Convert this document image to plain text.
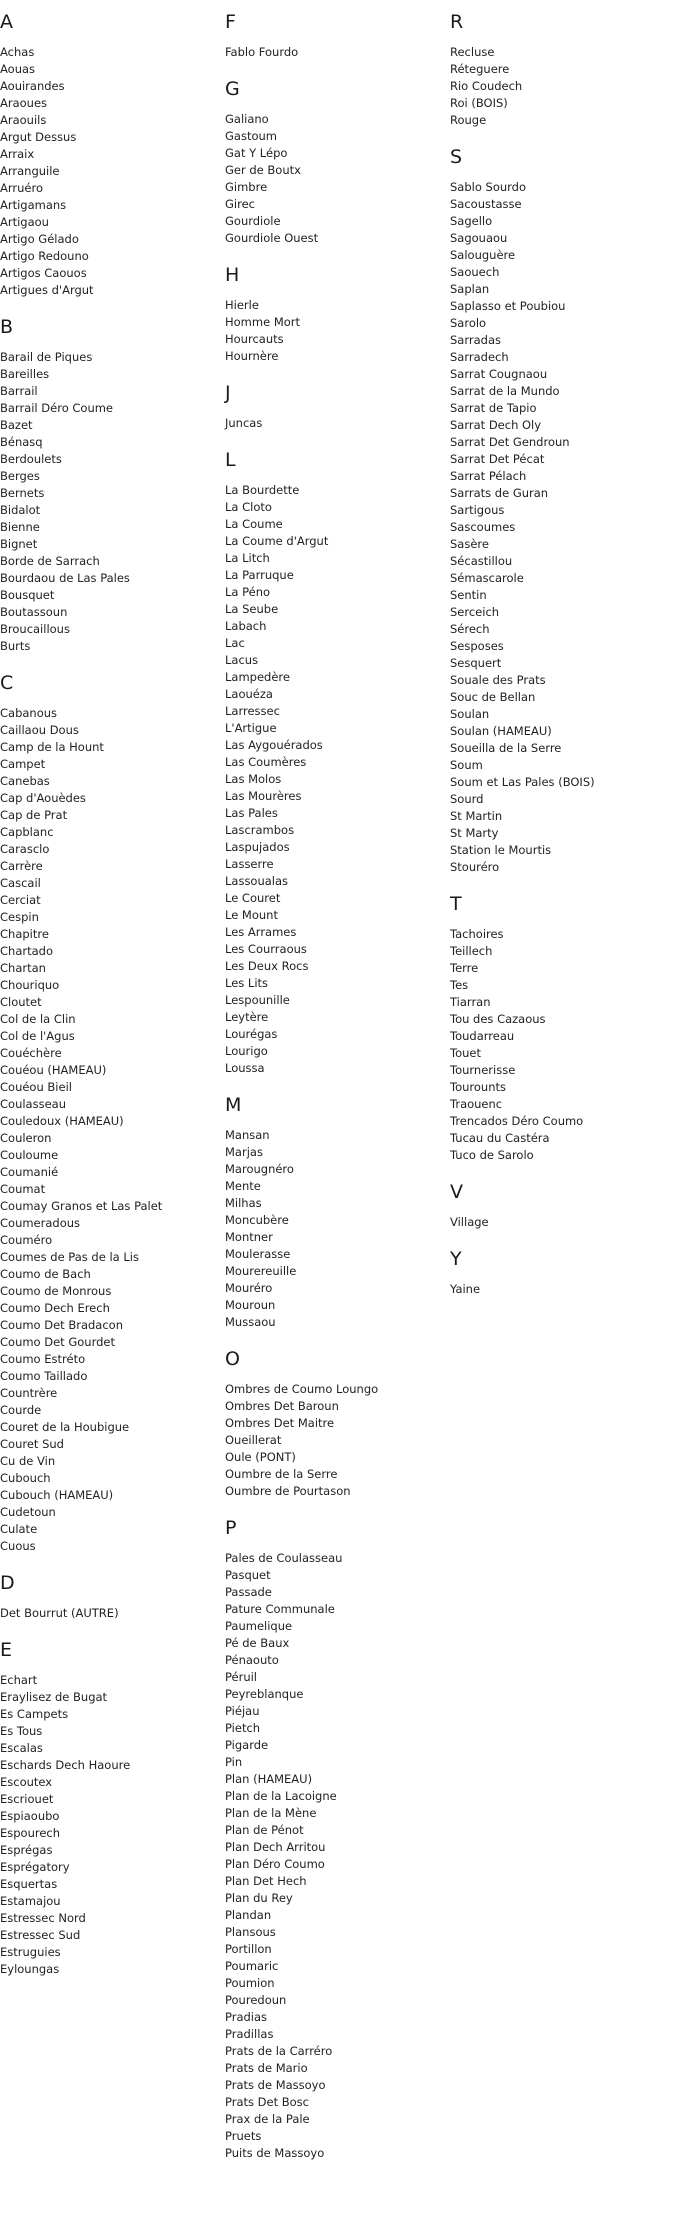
A
Achas
Aouas
Aouirandes
Araoues
Araouils
Argut Dessus
Arraix
Arranguile
Arruéro
Artigamans
Artigaou
Artigo Gélado
Artigo Redouno
Artigos Caouos
Artigues d'Argut
B
Barail de Piques
Bareilles
Barrail
Barrail Déro Coume
Bazet
Bénasq
Berdoulets
Berges
Bernets
Bidalot
Bienne
Bignet
Borde de Sarrach
Bourdaou de Las Pales
Bousquet
Boutassoun
Broucaillous
Burts
C
Cabanous
Caillaou Dous
Camp de la Hount
Campet
Canebas
Cap d'Aouèdes
Cap de Prat
Capblanc
Carasclo
Carrère
Cascail
Cerciat
Cespin
Chapitre
Chartado
Chartan
Chouriquo
Cloutet
Col de la Clin
Col de l'Agus
Couéchère
Couéou (HAMEAU)
Couéou Bieil
Coulasseau
Couledoux (HAMEAU)
Couleron
Couloume
Coumanié
Coumat
Coumay Granos et Las Palet
Coumeradous
Couméro
Coumes de Pas de la Lis
Coumo de Bach
Coumo de Monrous
Coumo Dech Erech
Coumo Det Bradacon
Coumo Det Gourdet
Coumo Estréto
Coumo Taillado
Countrère
Courde
Couret de la Houbigue
Couret Sud
Cu de Vin
Cubouch
Cubouch (HAMEAU)
Cudetoun
Culate
Cuous
D
Det Bourrut (AUTRE)
E
Echart
Eraylisez de Bugat
Es Campets
Es Tous
Escalas
Eschards Dech Haoure
Escoutex
Escriouet
Espiaoubo
Espourech
Esprégas
Esprégatory
Esquertas
Estamajou
Estressec Nord
Estressec Sud
Estruguies
Eyloungas
F
Fablo Fourdo
G
Galiano
Gastoum
Gat Y Lépo
Ger de Boutx
Gimbre
Girec
Gourdiole
Gourdiole Ouest
H
Hierle
Homme Mort
Hourcauts
Hournère
J
Juncas
L
La Bourdette
La Cloto
La Coume
La Coume d'Argut
La Litch
La Parruque
La Péno
La Seube
Labach
Lac
Lacus
Lampedère
Laouéza
Larressec
L'Artigue
Las Aygouérados
Las Coumères
Las Molos
Las Mourères
Las Pales
Lascrambos
Laspujados
Lasserre
Lassoualas
Le Couret
Le Mount
Les Arrames
Les Courraous
Les Deux Rocs
Les Lits
Lespounille
Leytère
Lourégas
Lourigo
Loussa
M
Mansan
Marjas
Marougnéro
Mente
Milhas
Moncubère
Montner
Moulerasse
Mourereuille
Mouréro
Mouroun
Mussaou
O
Ombres de Coumo Loungo
Ombres Det Baroun
Ombres Det Maitre
Oueillerat
Oule (PONT)
Oumbre de la Serre
Oumbre de Pourtason
P
Pales de Coulasseau
Pasquet
Passade
Pature Communale
Paumelique
Pé de Baux
Pénaouto
Péruil
Peyreblanque
Piéjau
Pietch
Pigarde
Pin
Plan (HAMEAU)
Plan de la Lacoigne
Plan de la Mène
Plan de Pénot
Plan Dech Arritou
Plan Déro Coumo
Plan Det Hech
Plan du Rey
Plandan
Plansous
Portillon
Poumaric
Poumion
Pouredoun
Pradias
Pradillas
Prats de la Carréro
Prats de Mario
Prats de Massoyo
Prats Det Bosc
Prax de la Pale
Pruets
Puits de Massoyo
R
Recluse
Réteguere
Rio Coudech
Roi (BOIS)
Rouge
S
Sablo Sourdo
Sacoustasse
Sagello
Sagouaou
Salouguère
Saouech
Saplan
Saplasso et Poubiou
Sarolo
Sarradas
Sarradech
Sarrat Cougnaou
Sarrat de la Mundo
Sarrat de Tapio
Sarrat Dech Oly
Sarrat Det Gendroun
Sarrat Det Pécat
Sarrat Pélach
Sarrats de Guran
Sartigous
Sascoumes
Sasère
Sécastillou
Sémascarole
Sentin
Serceich
Sérech
Sesposes
Sesquert
Souale des Prats
Souc de Bellan
Soulan
Soulan (HAMEAU)
Soueilla de la Serre
Soum
Soum et Las Pales (BOIS)
Sourd
St Martin
St Marty
Station le Mourtis
Stouréro
T
Tachoires
Teillech
Terre
Tes
Tiarran
Tou des Cazaous
Toudarreau
Touet
Tournerisse
Tourounts
Traouenc
Trencados Déro Coumo
Tucau du Castéra
Tuco de Sarolo
V
Village
Y
Yaine
